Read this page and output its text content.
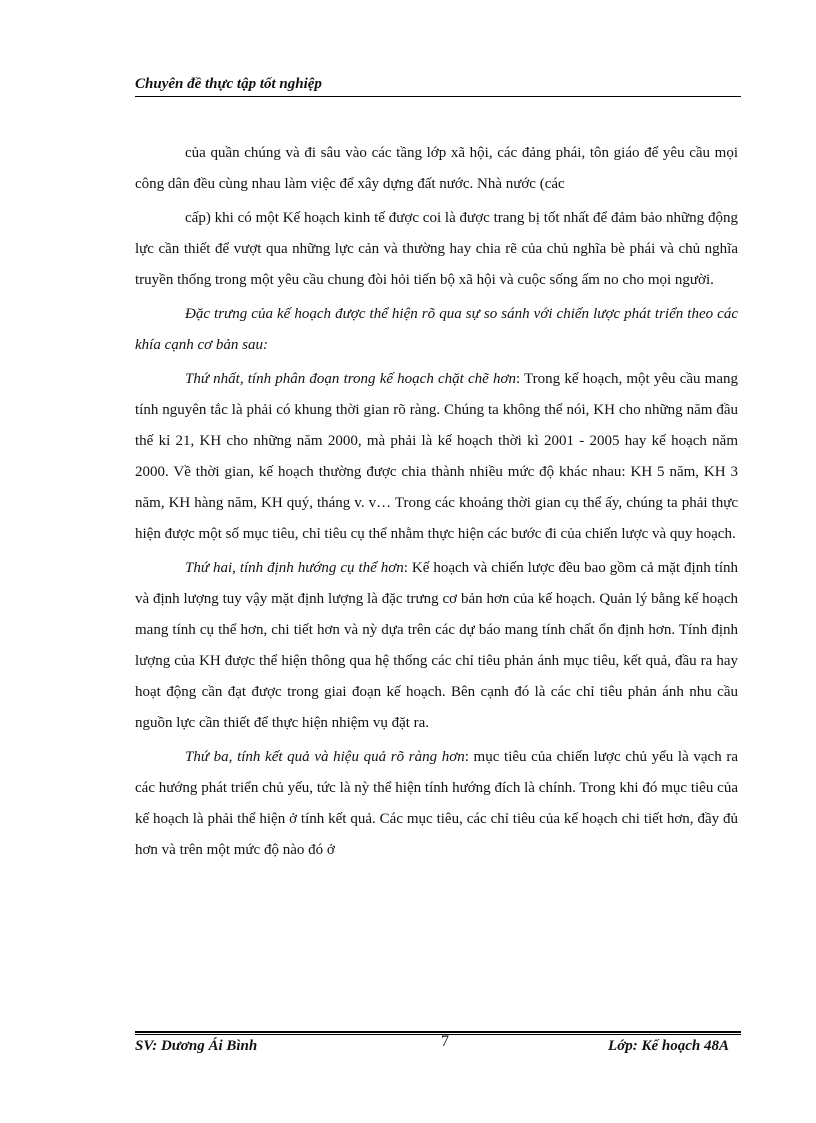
Chuyên đề thực tập tốt nghiệp

của quần chúng và đi sâu vào các tầng lớp xã hội, các đảng phái, tôn giáo để yêu cầu mọi công dân đều cùng nhau làm việc để xây dựng đất nước. Nhà nước (các

cấp) khi có một Kế hoạch kinh tế được coi là được trang bị tốt nhất để đảm bảo những động lực cần thiết để vượt qua những lực cản và thường hay chia rẽ của chủ nghĩa bè phái và chủ nghĩa truyền thống trong một yêu cầu chung đòi hỏi tiến bộ xã hội và cuộc sống ấm no cho mọi người.

Đặc trưng của kế hoạch được thể hiện rõ qua sự so sánh với chiến lược phát triển theo các khía cạnh cơ bản sau:

Thứ nhất, tính phân đoạn trong kế hoạch chặt chẽ hơn: Trong kế hoạch, một yêu cầu mang tính nguyên tắc là phải có khung thời gian rõ ràng. Chúng ta không thể nói, KH cho những năm đầu thế kỉ 21, KH cho những năm 2000, mà phải là kế hoạch thời kì 2001 - 2005 hay kế hoạch năm 2000. Về thời gian, kế hoạch thường được chia thành nhiều mức độ khác nhau: KH 5 năm, KH 3 năm, KH hàng năm, KH quý, tháng v. v… Trong các khoảng thời gian cụ thể ấy, chúng ta phải thực hiện được một số mục tiêu, chỉ tiêu cụ thể nhằm thực hiện các bước đi của chiến lược và quy hoạch.

Thứ hai, tính định hướng cụ thể hơn: Kế hoạch và chiến lược đều bao gồm cả mặt định tính và định lượng tuy vậy mặt định lượng là đặc trưng cơ bản hơn của kế hoạch. Quản lý bằng kế hoạch mang tính cụ thể hơn, chi tiết hơn và nỳ dựa trên các dự báo mang tính chất ổn định hơn. Tính định lượng của KH được thể hiện thông qua hệ thống các chỉ tiêu phản ánh mục tiêu, kết quả, đầu ra hay hoạt động cần đạt được trong giai đoạn kế hoạch. Bên cạnh đó là các chỉ tiêu phản ánh nhu cầu nguồn lực cần thiết để thực hiện nhiệm vụ đặt ra.

Thứ ba, tính kết quả và hiệu quả rõ ràng hơn: mục tiêu của chiến lược chủ yếu là vạch ra các hướng phát triển chủ yếu, tức là nỳ thể hiện tính hướng đích là chính. Trong khi đó mục tiêu của kế hoạch là phải thể hiện ở tính kết quả. Các mục tiêu, các chỉ tiêu của kế hoạch chi tiết hơn, đầy đủ hơn và trên một mức độ nào đó ở

SV: Dương Ái Bình	7	Lớp: Kế hoạch 48A
